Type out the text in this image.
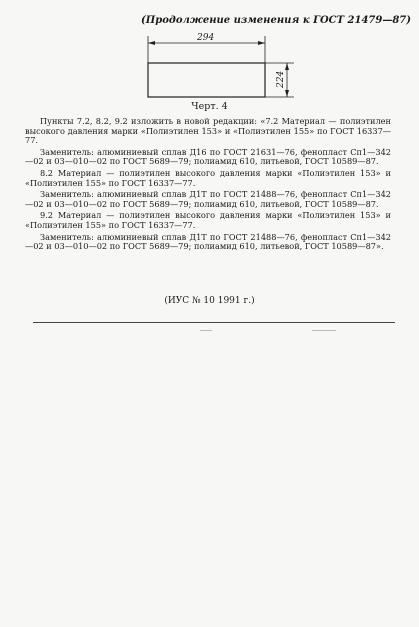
(Продолжение изменения к ГОСТ 21479—87)
294
224
Черт. 4

Пункты 7.2, 8.2, 9.2 изложить в новой редакции: «7.2 Материал — полиэтилен высокого давления марки «Полиэтилен 153» и «Полиэтилен 155» по ГОСТ 16337—77.

Заменитель: алюминиевый сплав Д16 по ГОСТ 21631—76, фенопласт Сп1—342—02 и 03—010—02 по ГОСТ 5689—79; полиамид 610, литьевой, ГОСТ 10589—87.

8.2 Материал — полиэтилен высокого давления марки «Полиэтилен 153» и «Полиэтилен 155» по ГОСТ 16337—77.

Заменитель: алюминиевый сплав Д1Т по ГОСТ 21488—76, фенопласт Сп1—342—02 и 03—010—02 по ГОСТ 5689—79; полиамид 610, литьевой, ГОСТ 10589—87.

9.2 Материал — полиэтилен высокого давления марки «Полиэтилен 153» и «Полиэтилен 155» по ГОСТ 16337—77.

Заменитель: алюминиевый сплав Д1Т по ГОСТ 21488—76, фенопласт Сп1—342—02 и 03—010—02 по ГОСТ 5689—79; полиамид 610, литьевой, ГОСТ 10589—87».

(ИУС № 10 1991 г.)
